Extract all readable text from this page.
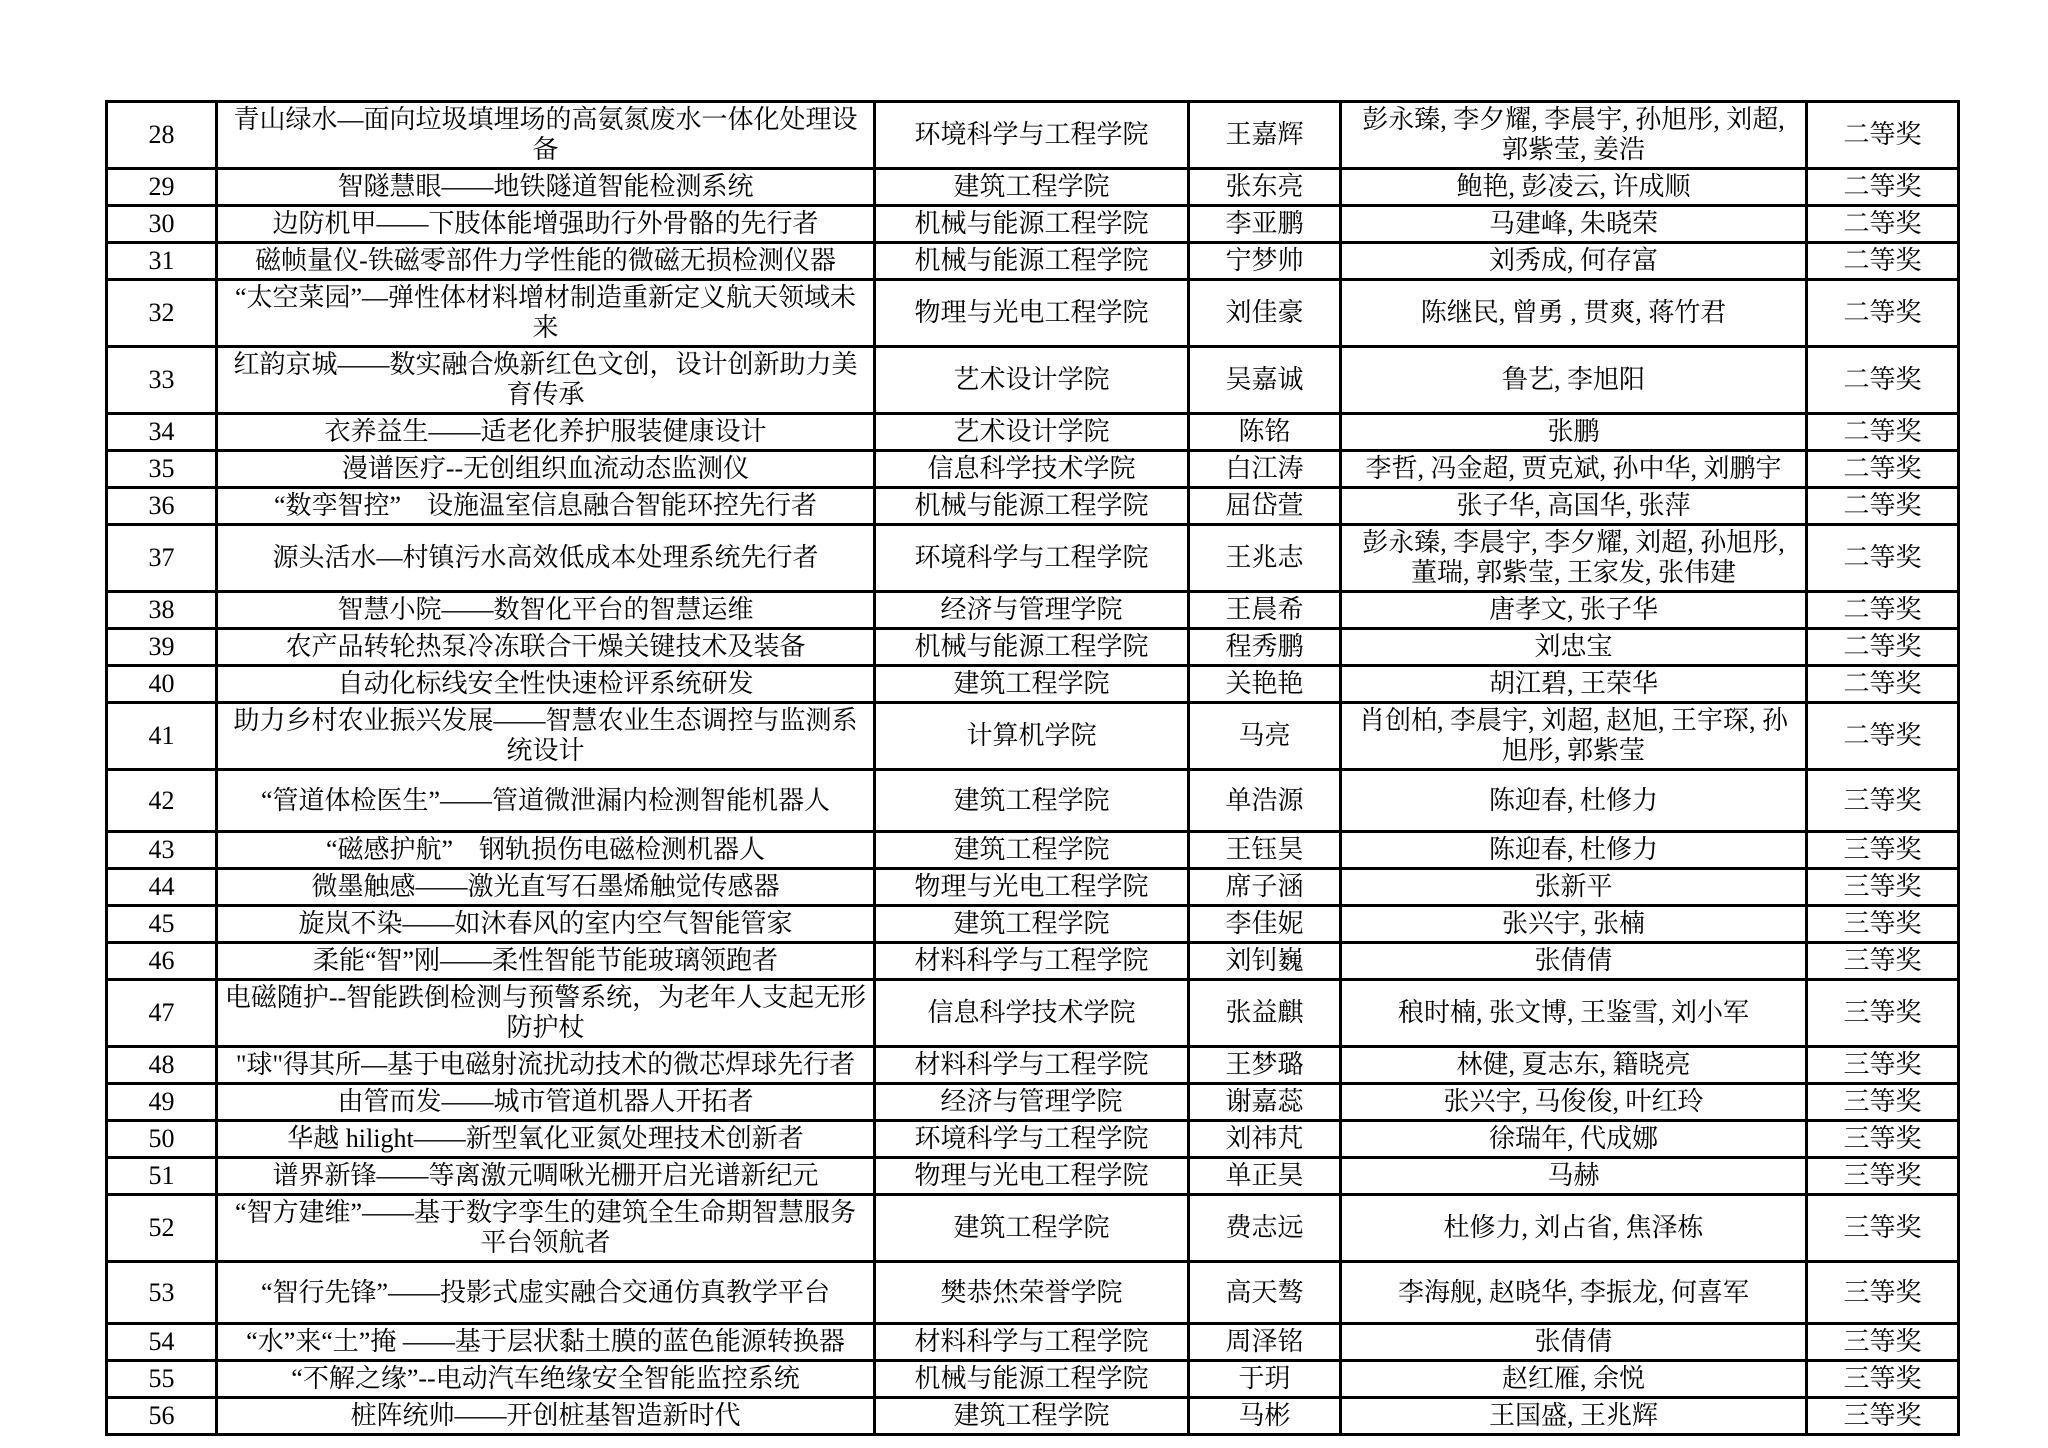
28	青山绿水—面向垃圾填埋场的高氨氮废水一体化处理设备	环境科学与工程学院	王嘉辉	彭永臻, 李夕耀, 李晨宇, 孙旭彤, 刘超, 郭紫莹, 姜浩	二等奖
29	智隧慧眼——地铁隧道智能检测系统	建筑工程学院	张东亮	鲍艳, 彭凌云, 许成顺	二等奖
30	边防机甲——下肢体能增强助行外骨骼的先行者	机械与能源工程学院	李亚鹏	马建峰, 朱晓荣	二等奖
31	磁帧量仪-铁磁零部件力学性能的微磁无损检测仪器	机械与能源工程学院	宁梦帅	刘秀成, 何存富	二等奖
32	“太空菜园”—弹性体材料增材制造重新定义航天领域未来	物理与光电工程学院	刘佳豪	陈继民, 曾勇 , 贯爽, 蒋竹君	二等奖
33	红韵京城——数实融合焕新红色文创，设计创新助力美育传承	艺术设计学院	吴嘉诚	鲁艺, 李旭阳	二等奖
34	衣养益生——适老化养护服装健康设计	艺术设计学院	陈铭	张鹏	二等奖
35	漫谱医疗--无创组织血流动态监测仪	信息科学技术学院	白江涛	李哲, 冯金超, 贾克斌, 孙中华, 刘鹏宇	二等奖
36	“数孪智控”　设施温室信息融合智能环控先行者	机械与能源工程学院	屈岱萱	张子华, 高国华, 张萍	二等奖
37	源头活水—村镇污水高效低成本处理系统先行者	环境科学与工程学院	王兆志	彭永臻, 李晨宇, 李夕耀, 刘超, 孙旭彤, 董瑞, 郭紫莹, 王家发, 张伟建	二等奖
38	智慧小院——数智化平台的智慧运维	经济与管理学院	王晨希	唐孝文, 张子华	二等奖
39	农产品转轮热泵冷冻联合干燥关键技术及装备	机械与能源工程学院	程秀鹏	刘忠宝	二等奖
40	自动化标线安全性快速检评系统研发	建筑工程学院	关艳艳	胡江碧, 王荣华	二等奖
41	助力乡村农业振兴发展——智慧农业生态调控与监测系统设计	计算机学院	马亮	肖创柏, 李晨宇, 刘超, 赵旭, 王宇琛, 孙旭彤, 郭紫莹	二等奖
42	“管道体检医生”——管道微泄漏内检测智能机器人	建筑工程学院	单浩源	陈迎春, 杜修力	三等奖
43	“磁感护航”　钢轨损伤电磁检测机器人	建筑工程学院	王钰昊	陈迎春, 杜修力	三等奖
44	微墨触感——激光直写石墨烯触觉传感器	物理与光电工程学院	席子涵	张新平	三等奖
45	旋岚不染——如沐春风的室内空气智能管家	建筑工程学院	李佳妮	张兴宇, 张楠	三等奖
46	柔能“智”刚——柔性智能节能玻璃领跑者	材料科学与工程学院	刘钊巍	张倩倩	三等奖
47	电磁随护--智能跌倒检测与预警系统，为老年人支起无形防护杖	信息科学技术学院	张益麒	稂时楠, 张文博, 王鉴雪, 刘小军	三等奖
48	"球"得其所—基于电磁射流扰动技术的微芯焊球先行者	材料科学与工程学院	王梦璐	林健, 夏志东, 籍晓亮	三等奖
49	由管而发——城市管道机器人开拓者	经济与管理学院	谢嘉蕊	张兴宇, 马俊俊, 叶红玲	三等奖
50	华越 hilight——新型氧化亚氮处理技术创新者	环境科学与工程学院	刘祎芃	徐瑞年, 代成娜	三等奖
51	谱界新锋——等离激元啁啾光栅开启光谱新纪元	物理与光电工程学院	单正昊	马赫	三等奖
52	“智方建维”——基于数字孪生的建筑全生命期智慧服务平台领航者	建筑工程学院	费志远	杜修力, 刘占省, 焦泽栋	三等奖
53	“智行先锋”——投影式虚实融合交通仿真教学平台	樊恭烋荣誉学院	高天骜	李海舰, 赵晓华, 李振龙, 何喜军	三等奖
54	“水”来“土”掩 ——基于层状黏土膜的蓝色能源转换器	材料科学与工程学院	周泽铭	张倩倩	三等奖
55	“不解之缘”--电动汽车绝缘安全智能监控系统	机械与能源工程学院	于玥	赵红雁, 余悦	三等奖
56	桩阵统帅——开创桩基智造新时代	建筑工程学院	马彬	王国盛, 王兆辉	三等奖
